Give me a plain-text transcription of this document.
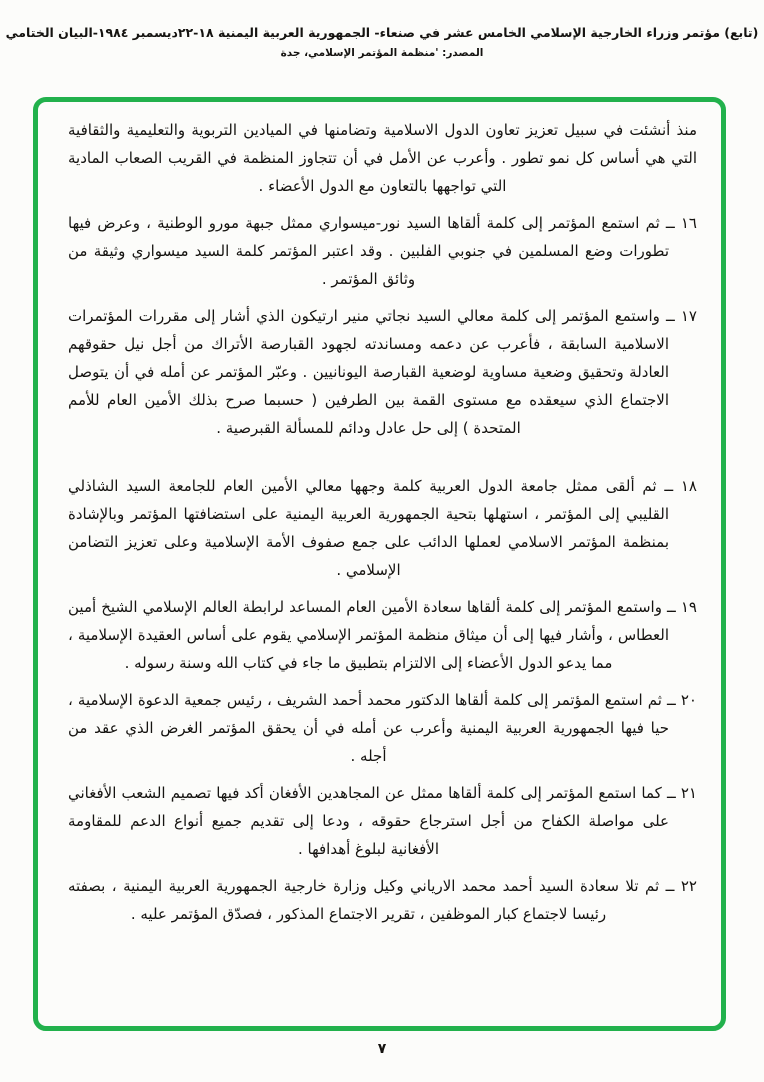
(تابع) مؤتمر وزراء الخارجية الإسلامي الخامس عشر في صنعاء- الجمهورية العربية اليمنية ١٨-٢٢ديسمبر ١٩٨٤-البيان الختامي
المصدر: 'منظمة المؤتمر الإسلامي، جدة

منذ أنشئت في سبيل تعزيز تعاون الدول الاسلامية وتضامنها في الميادين التربوية والتعليمية والثقافية التي هي أساس كل نمو تطور . وأعرب عن الأمل في أن تتجاوز المنظمة في القريب الصعاب المادية التي تواجهها بالتعاون مع الدول الأعضاء .

١٦ ــ ثم استمع المؤتمر إلى كلمة ألقاها السيد نور-ميسواري ممثل جبهة مورو الوطنية ، وعرض فيها تطورات وضع المسلمين في جنوبي الفلبين . وقد اعتبر المؤتمر كلمة السيد ميسواري وثيقة من وثائق المؤتمر .

١٧ ــ واستمع المؤتمر إلى كلمة معالي السيد نجاتي منير ارتيكون الذي أشار إلى مقررات المؤتمرات الاسلامية السابقة ، فأعرب عن دعمه ومساندته لجهود القبارصة الأتراك من أجل نيل حقوقهم العادلة وتحقيق وضعية مساوية لوضعية القبارصة اليونانيين . وعبّر المؤتمر عن أمله في أن يتوصل الاجتماع الذي سيعقده مع مستوى القمة بين الطرفين ( حسبما صرح بذلك الأمين العام للأمم المتحدة ) إلى حل عادل ودائم للمسألة القبرصية .

١٨ ــ ثم ألقى ممثل جامعة الدول العربية كلمة وجهها معالي الأمين العام للجامعة السيد الشاذلي القليبي إلى المؤتمر ، استهلها بتحية الجمهورية العربية اليمنية على استضافتها المؤتمر وبالإشادة بمنظمة المؤتمر الاسلامي لعملها الدائب على جمع صفوف الأمة الإسلامية وعلى تعزيز التضامن الإسلامي .

١٩ ــ واستمع المؤتمر إلى كلمة ألقاها سعادة الأمين العام المساعد لرابطة العالم الإسلامي الشيخ أمين العطاس ، وأشار فيها إلى أن ميثاق منظمة المؤتمر الإسلامي يقوم على أساس العقيدة الإسلامية ، مما يدعو الدول الأعضاء إلى الالتزام بتطبيق ما جاء في كتاب الله وسنة رسوله .

٢٠ ــ ثم استمع المؤتمر إلى كلمة ألقاها الدكتور محمد أحمد الشريف ، رئيس جمعية الدعوة الإسلامية ، حيا فيها الجمهورية العربية اليمنية وأعرب عن أمله في أن يحقق المؤتمر الغرض الذي عقد من أجله .

٢١ ــ كما استمع المؤتمر إلى كلمة ألقاها ممثل عن المجاهدين الأفغان أكد فيها تصميم الشعب الأفغاني على مواصلة الكفاح من أجل استرجاع حقوقه ، ودعا إلى تقديم جميع أنواع الدعم للمقاومة الأفغانية لبلوغ أهدافها .

٢٢ ــ ثم تلا سعادة السيد أحمد محمد الارياني وكيل وزارة خارجية الجمهورية العربية اليمنية ، بصفته رئيسا لاجتماع كبار الموظفين ، تقرير الاجتماع المذكور ، فصدّق المؤتمر عليه .

٧
